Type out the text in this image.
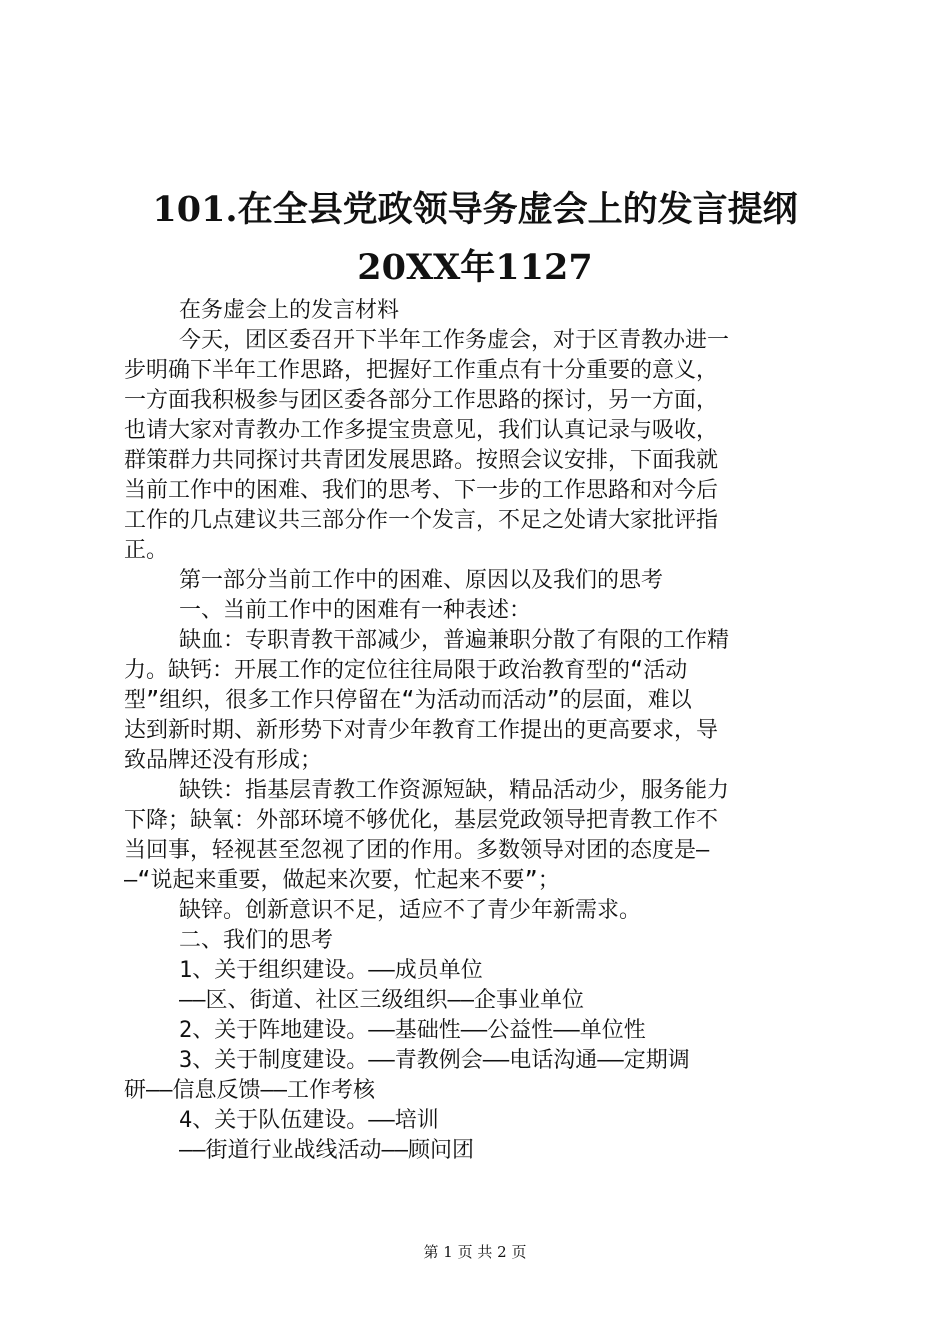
101.在全县党政领导务虚会上的发言提纲
20XX年1127

在务虚会上的发言材料

今天，团区委召开下半年工作务虚会，对于区青教办进一

步明确下半年工作思路，把握好工作重点有十分重要的意义，

一方面我积极参与团区委各部分工作思路的探讨，另一方面，

也请大家对青教办工作多提宝贵意见，我们认真记录与吸收，

群策群力共同探讨共青团发展思路。按照会议安排，下面我就

当前工作中的困难、我们的思考、下一步的工作思路和对今后

工作的几点建议共三部分作一个发言，不足之处请大家批评指

正。

第一部分当前工作中的困难、原因以及我们的思考

一、当前工作中的困难有一种表述：

缺血：专职青教干部减少，普遍兼职分散了有限的工作精

力。缺钙：开展工作的定位往往局限于政治教育型的“活动

型”组织，很多工作只停留在“为活动而活动”的层面，难以

达到新时期、新形势下对青少年教育工作提出的更高要求，导

致品牌还没有形成；

缺铁：指基层青教工作资源短缺，精品活动少，服务能力

下降；缺氧：外部环境不够优化，基层党政领导把青教工作不

当回事，轻视甚至忽视了团的作用。多数领导对团的态度是—

—“说起来重要，做起来次要，忙起来不要”；

缺锌。创新意识不足，适应不了青少年新需求。

二、我们的思考

1、关于组织建设。——成员单位

——区、街道、社区三级组织——企事业单位

2、关于阵地建设。——基础性——公益性——单位性

3、关于制度建设。——青教例会——电话沟通——定期调

研——信息反馈——工作考核

4、关于队伍建设。——培训

——街道行业战线活动——顾问团

第 1 页 共 2 页
